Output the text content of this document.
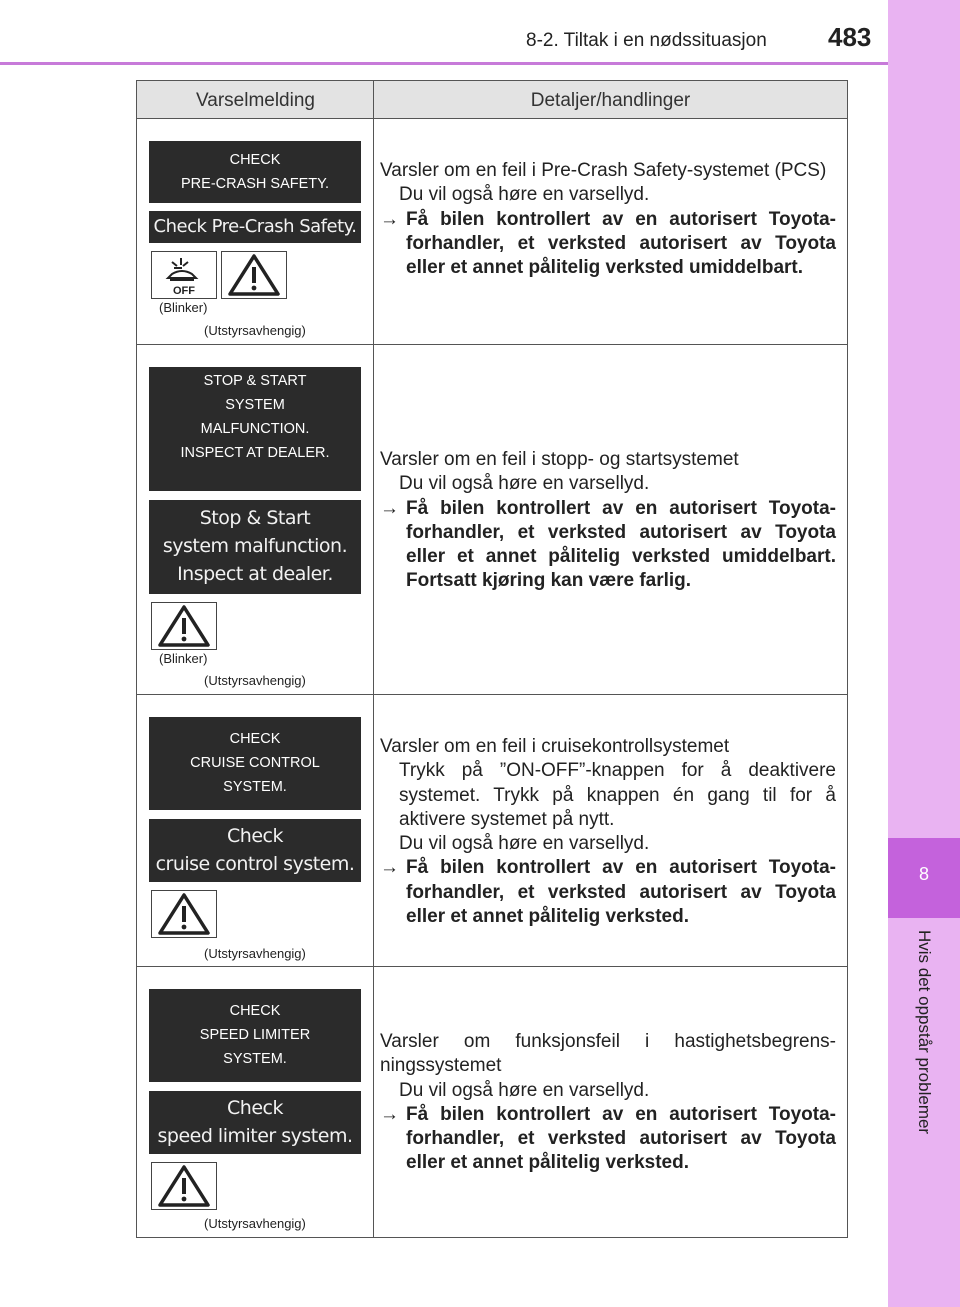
8-2. Tiltak i en nødssituasjon 483
8
Hvis det oppstår problemer
Varselmelding	Detaljer/handlinger
CHECK
PRE-CRASH SAFETY.
Check Pre-Crash Safety.
OFF
(Blinker)
(Utstyrsavhengig)

Varsler om en feil i Pre-Crash Safety-systemet (PCS)

Du vil også høre en varsellyd.

→ Få bilen kontrollert av en autorisert Toyota-forhandler, et verksted autorisert av Toyota eller et annet pålitelig verksted umiddelbart.
STOP & START
SYSTEM
MALFUNCTION.
INSPECT AT DEALER.
Stop & Start
system malfunction.
Inspect at dealer.
(Blinker)
(Utstyrsavhengig)

Varsler om en feil i stopp- og startsystemet

Du vil også høre en varsellyd.

→ Få bilen kontrollert av en autorisert Toyota-forhandler, et verksted autorisert av Toyota eller et annet pålitelig verksted umiddelbart. Fortsatt kjøring kan være farlig.
CHECK
CRUISE CONTROL
SYSTEM.
Check
cruise control system.
(Utstyrsavhengig)

Varsler om en feil i cruisekontrollsystemet

Trykk på ”ON-OFF”-knappen for å deaktivere systemet. Trykk på knappen én gang til for å aktivere systemet på nytt.

Du vil også høre en varsellyd.

→ Få bilen kontrollert av en autorisert Toyota-forhandler, et verksted autorisert av Toyota eller et annet pålitelig verksted.
CHECK
SPEED LIMITER
SYSTEM.
Check
speed limiter system.
(Utstyrsavhengig)

Varsler om funksjonsfeil i hastighetsbegrens-ningssystemet

Du vil også høre en varsellyd.

→ Få bilen kontrollert av en autorisert Toyota-forhandler, et verksted autorisert av Toyota eller et annet pålitelig verksted.
